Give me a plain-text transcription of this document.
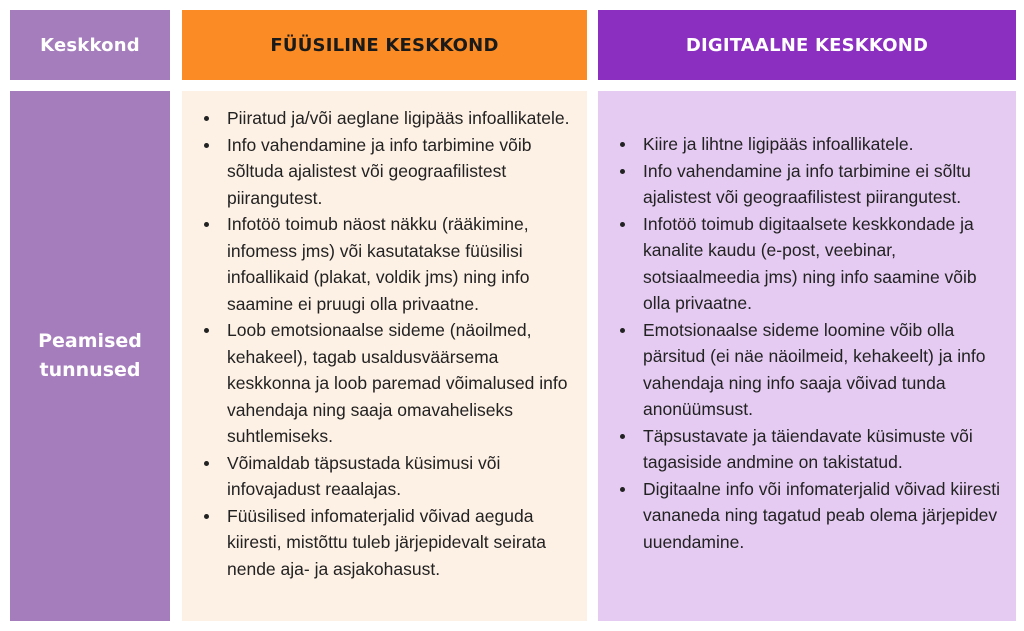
Keskkond	FÜÜSILINE KESKKOND	DIGITAALNE KESKKOND
Peamised
tunnused
Piiratud ja/või aeglane ligipääs infoallikatele.
Info vahendamine ja info tarbimine võib sõltuda ajalistest või geograafilistest piirangutest.
Infotöö toimub näost näkku (rääkimine, infomess jms) või kasutatakse füüsilisi infoallikaid (plakat, voldik jms) ning info saamine ei pruugi olla privaatne.
Loob emotsionaalse sideme (näoilmed, kehakeel), tagab usaldusväärsema keskkonna ja loob paremad võimalused info vahendaja ning saaja omavaheliseks suhtlemiseks.
Võimaldab täpsustada küsimusi või infovajadust reaalajas.
Füüsilised infomaterjalid võivad aeguda kiiresti, mistõttu tuleb järjepidevalt seirata nende aja- ja asjakohasust.
Kiire ja lihtne ligipääs infoallikatele.
Info vahendamine ja info tarbimine ei sõltu ajalistest või geograafilistest piirangutest.
Infotöö toimub digitaalsete keskkondade ja kanalite kaudu (e-post, veebinar, sotsiaalmeedia jms) ning info saamine võib olla privaatne.
Emotsionaalse sideme loomine võib olla pärsitud (ei näe näoilmeid, kehakeelt) ja info vahendaja ning info saaja võivad tunda anonüümsust.
Täpsustavate ja täiendavate küsimuste või tagasiside andmine on takistatud.
Digitaalne info või infomaterjalid võivad kiiresti vananeda ning tagatud peab olema järjepidev uuendamine.
